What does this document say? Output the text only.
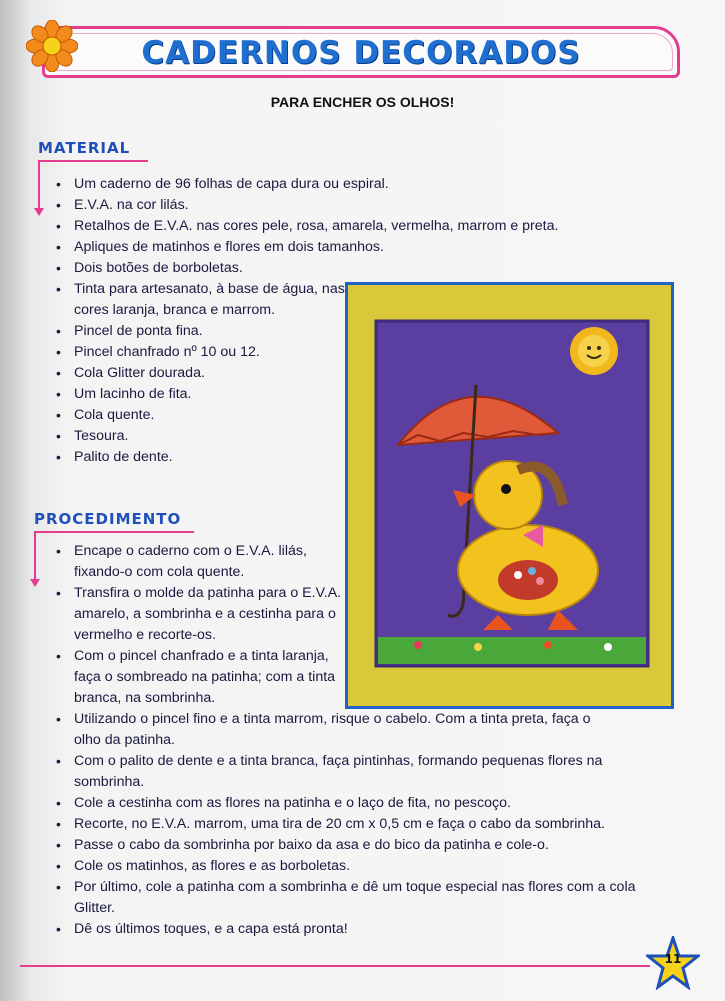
CADERNOS DECORADOS
PARA ENCHER OS OLHOS!
MATERIAL
• Um caderno de 96 folhas de capa dura ou espiral.
• E.V.A. na cor lilás.
• Retalhos de E.V.A. nas cores pele, rosa, amarela, vermelha, marrom e preta.
• Apliques de matinhos e flores em dois tamanhos.
• Dois botões de borboletas.
• Tinta para artesanato, à base de água, nas cores laranja, branca e marrom.
• Pincel de ponta fina.
• Pincel chanfrado nº 10 ou 12.
• Cola Glitter dourada.
• Um lacinho de fita.
• Cola quente.
• Tesoura.
• Palito de dente.
PROCEDIMENTO
• Encape o caderno com o E.V.A. lilás, fixando-o com cola quente.
• Transfira o molde da patinha para o E.V.A. amarelo, a sombrinha e a cestinha para o vermelho e recorte-os.
• Com o pincel chanfrado e a tinta laranja, faça o sombreado na patinha; com a tinta branca, na sombrinha.
• Utilizando o pincel fino e a tinta marrom, risque o cabelo. Com a tinta preta, faça o olho da patinha.
• Com o palito de dente e a tinta branca, faça pintinhas, formando pequenas flores na sombrinha.
• Cole a cestinha com as flores na patinha e o laço de fita, no pescoço.
• Recorte, no E.V.A. marrom, uma tira de 20 cm x 0,5 cm e faça o cabo da sombrinha.
• Passe o cabo da sombrinha por baixo da asa e do bico da patinha e cole-o.
• Cole os matinhos, as flores e as borboletas.
• Por último, cole a patinha com a sombrinha e dê um toque especial nas flores com a cola Glitter.
• Dê os últimos toques, e a capa está pronta!
11
